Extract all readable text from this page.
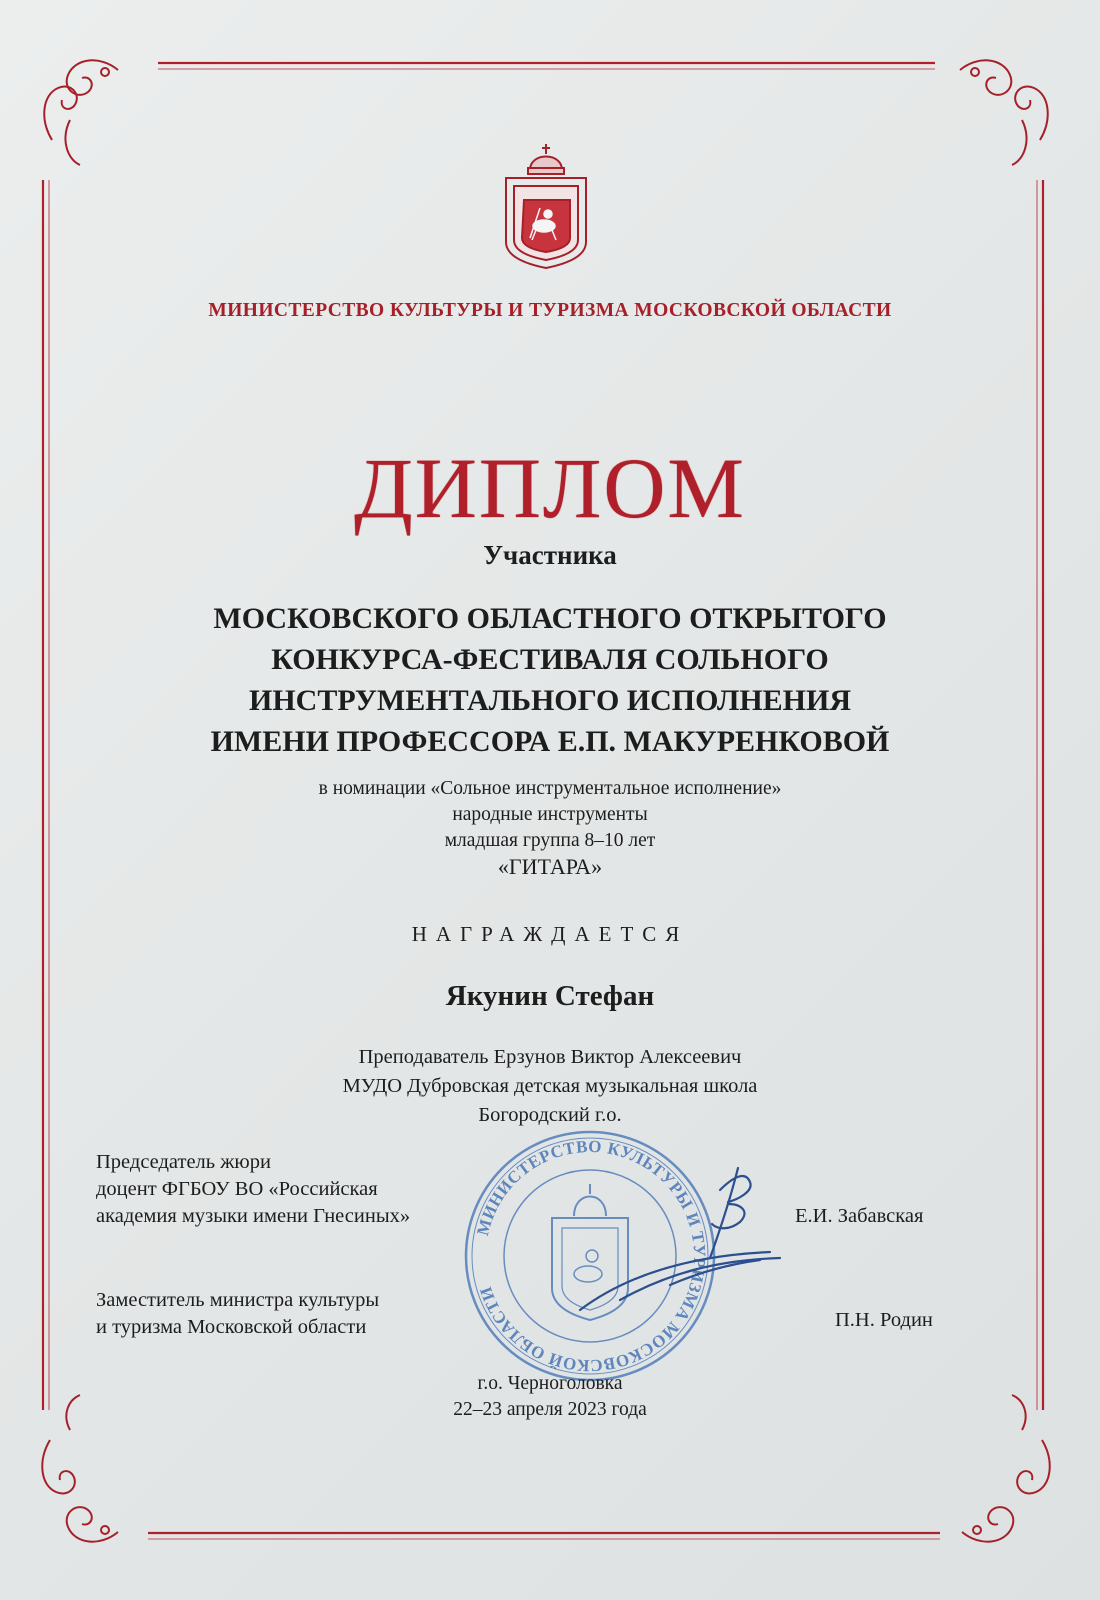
МИНИСТЕРСТВО КУЛЬТУРЫ И ТУРИЗМА МОСКОВСКОЙ ОБЛАСТИ
ДИПЛОМ
Участника
МОСКОВСКОГО ОБЛАСТНОГО ОТКРЫТОГО
КОНКУРСА-ФЕСТИВАЛЯ СОЛЬНОГО
ИНСТРУМЕНТАЛЬНОГО ИСПОЛНЕНИЯ
ИМЕНИ ПРОФЕССОРА Е.П. МАКУРЕНКОВОЙ
в номинации «Сольное инструментальное исполнение»
народные инструменты
младшая группа 8–10 лет
«ГИТАРА»
НАГРАЖДАЕТСЯ
Якунин Стефан
Преподаватель Ерзунов Виктор Алексеевич
МУДО Дубровская детская музыкальная школа
Богородский г.о.
МИНИСТЕРСТВО КУЛЬТУРЫ И ТУРИЗМА МОСКОВСКОЙ ОБЛАСТИ
Председатель жюри
доцент ФГБОУ ВО «Российская
академия музыки имени Гнесиных»	Е.И. Забавская
Заместитель министра культуры
и туризма Московской области	П.Н. Родин
г.о. Черноголовка
22–23 апреля 2023 года
